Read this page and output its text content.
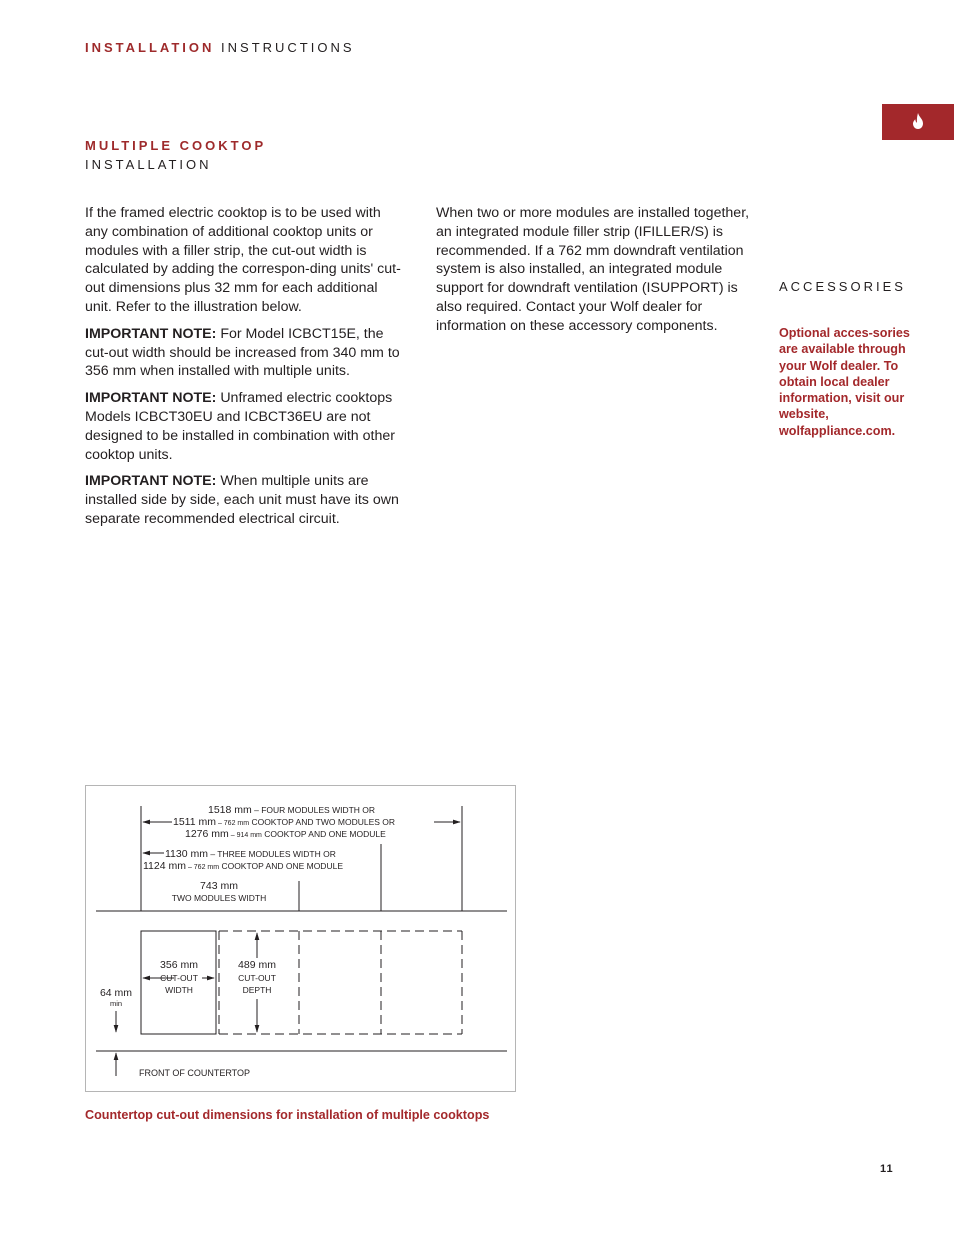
INSTALLATION INSTRUCTIONS
MULTIPLE COOKTOP
INSTALLATION

If the framed electric cooktop is to be used with any combination of additional cooktop units or modules with a filler strip, the cut-out width is calculated by adding the correspon-ding units' cut-out dimensions plus 32 mm for each additional unit. Refer to the illustration below.

IMPORTANT NOTE: For Model ICBCT15E, the cut-out width should be increased from 340 mm to 356 mm when installed with multiple units.

IMPORTANT NOTE: Unframed electric cooktops Models ICBCT30EU and ICBCT36EU are not designed to be installed in combination with other cooktop units.

IMPORTANT NOTE: When multiple units are installed side by side, each unit must have its own separate recommended electrical circuit.

When two or more modules are installed together, an integrated module filler strip (IFILLER/S) is recommended. If a 762 mm downdraft ventilation system is also installed, an integrated module support for downdraft ventilation (ISUPPORT) is also required. Contact your Wolf dealer for information on these accessory components.

ACCESSORIES
Optional acces-sories are available through your Wolf dealer. To obtain local dealer information, visit our website, wolfappliance.com.
1518 mm – FOUR MODULES WIDTH OR
1511 mm – 762 mm COOKTOP AND TWO MODULES OR
1276 mm – 914 mm COOKTOP AND ONE MODULE
1130 mm – THREE MODULES WIDTH OR
1124 mm – 762 mm COOKTOP AND ONE MODULE
743 mm
TWO MODULES WIDTH
356 mm
CUT-OUT
WIDTH
489 mm
CUT-OUT
DEPTH
64 mm
min
FRONT OF COUNTERTOP
Countertop cut-out dimensions for installation of multiple cooktops
11
